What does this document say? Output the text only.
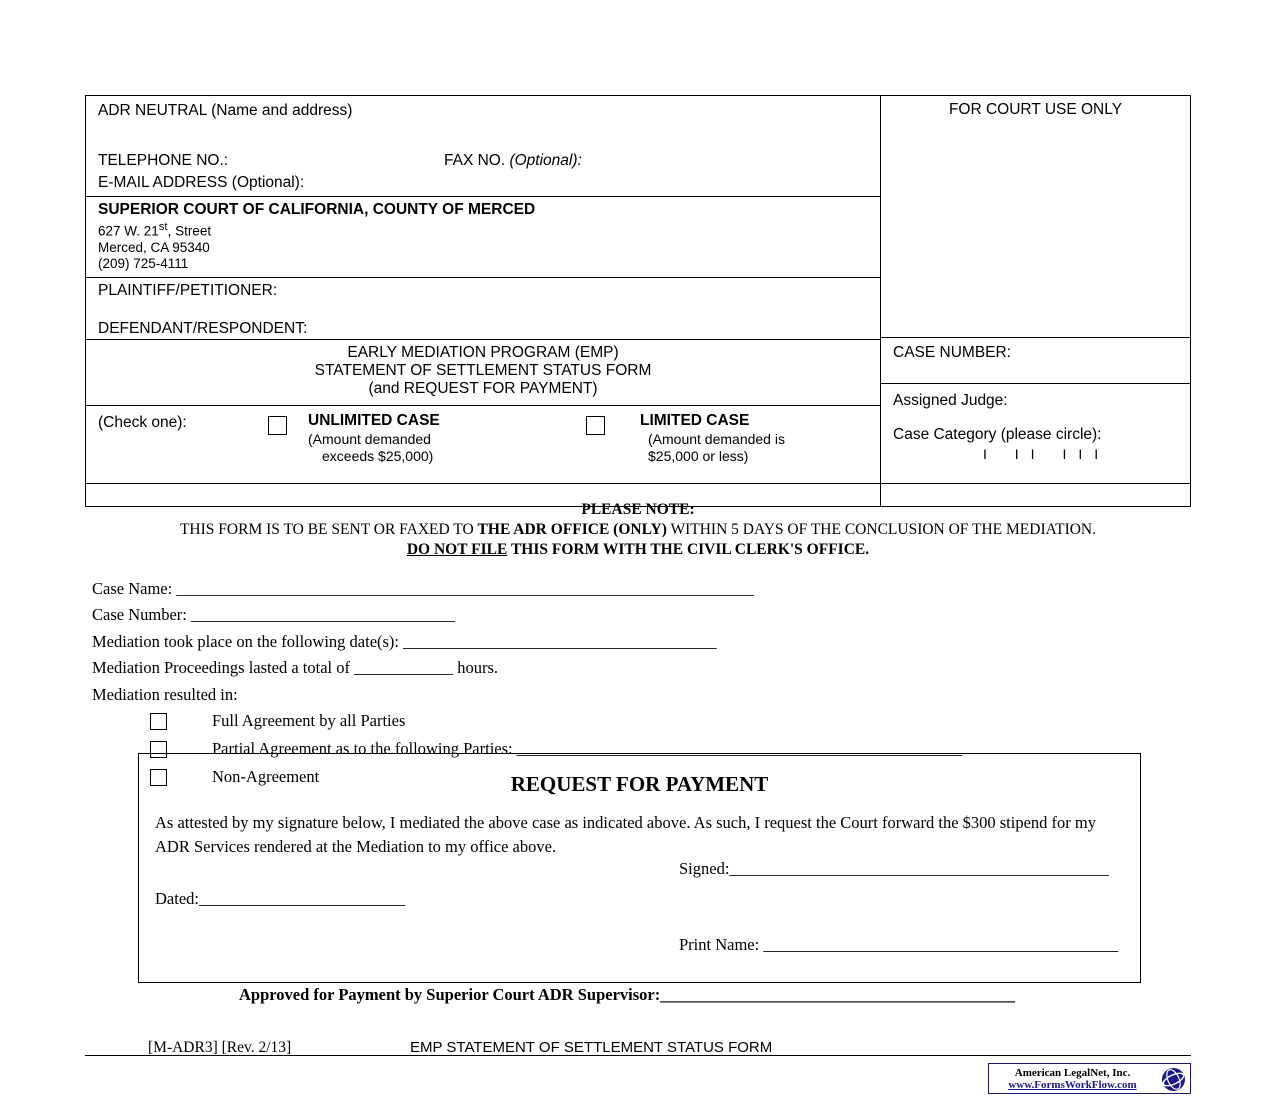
ADR NEUTRAL (Name and address)
TELEPHONE NO.:	FAX NO. (Optional):
E-MAIL ADDRESS (Optional):
SUPERIOR COURT OF CALIFORNIA, COUNTY OF MERCED
627 W. 21st, Street
Merced, CA 95340
(209) 725-4111
PLAINTIFF/PETITIONER:
DEFENDANT/RESPONDENT:
EARLY MEDIATION PROGRAM (EMP)
STATEMENT OF SETTLEMENT STATUS FORM
(and REQUEST FOR PAYMENT)
(Check one):	UNLIMITED CASE
(Amount demanded
exceeds $25,000)
LIMITED CASE
(Amount demanded is
$25,000 or less)
FOR COURT USE ONLY
CASE NUMBER:
Assigned Judge:
Case Category (please circle):
I II III
PLEASE NOTE:
THIS FORM IS TO BE SENT OR FAXED TO THE ADR OFFICE (ONLY) WITHIN 5 DAYS OF THE CONCLUSION OF THE MEDIATION.
DO NOT FILE THIS FORM WITH THE CIVIL CLERK'S OFFICE.
Case Name: ______________________________________________________________________
Case Number: ________________________________
Mediation took place on the following date(s): ______________________________________
Mediation Proceedings lasted a total of ____________ hours.
Mediation resulted in:
Full Agreement by all Parties
Partial Agreement as to the following Parties: ______________________________________________________
Non-Agreement	REQUEST FOR PAYMENT
As attested by my signature below, I mediated the above case as indicated above. As such, I request the Court forward the $300 stipend for my ADR Services rendered at the Mediation to my office above.
Dated:_________________________
Signed:______________________________________________
Print Name: ___________________________________________
Approved for Payment by Superior Court ADR Supervisor:___________________________________________
[M-ADR3] [Rev. 2/13]	EMP STATEMENT OF SETTLEMENT STATUS FORM
American LegalNet, Inc.
www.FormsWorkFlow.com
